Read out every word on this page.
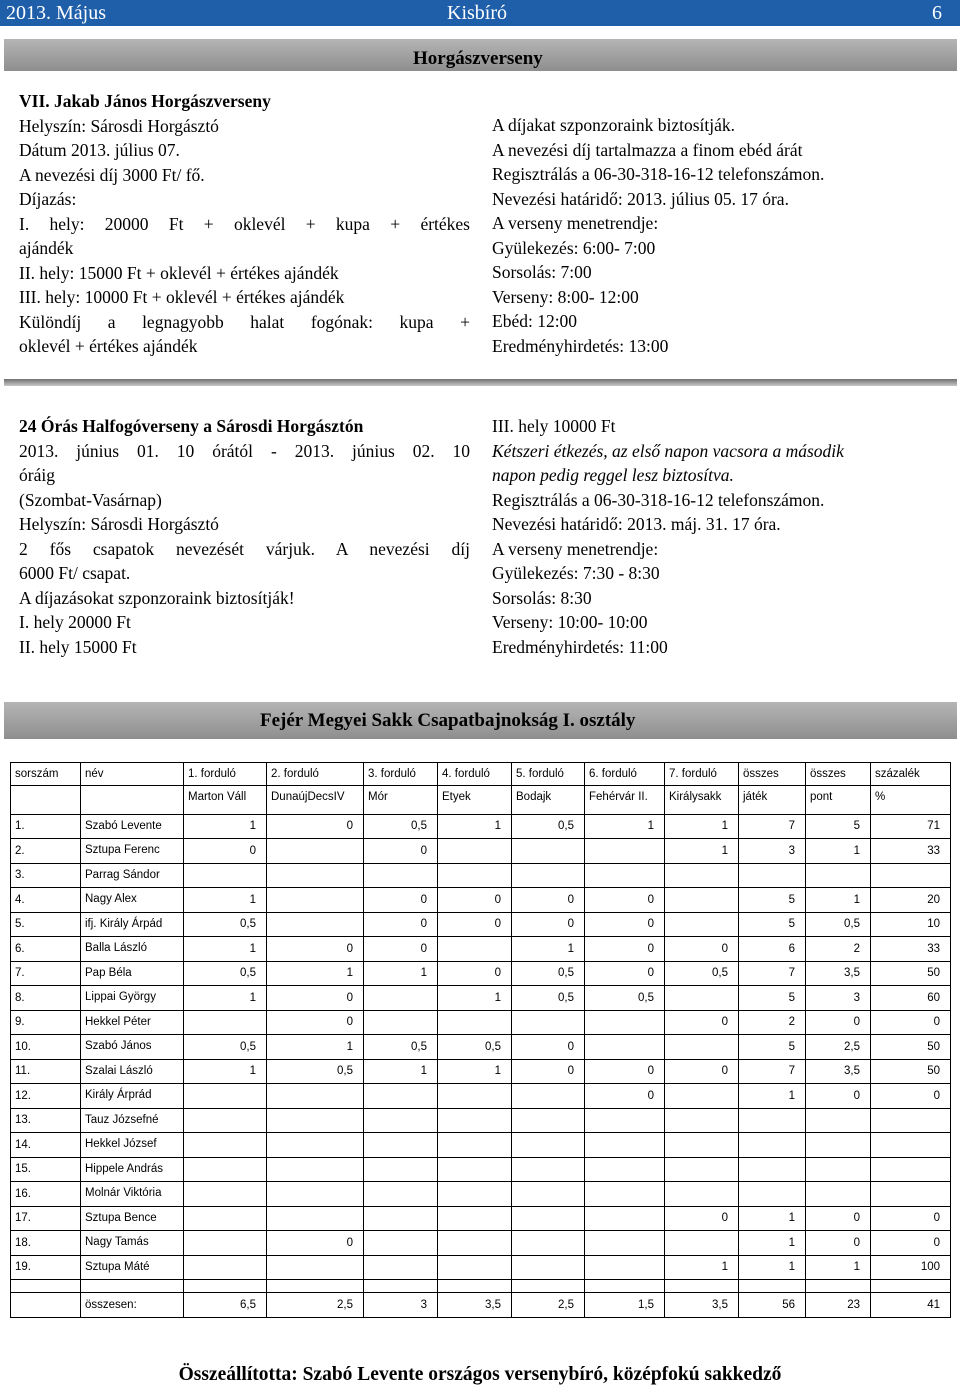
2013. Május	Kisbíró	6
Horgászverseny
VII. Jakab János Horgászverseny
Helyszín: Sárosdi Horgásztó
Dátum 2013. július 07.
A nevezési díj 3000 Ft/ fő.
Díjazás:
I. hely: 20000 Ft + oklevél + kupa + értékes
ajándék
II. hely: 15000 Ft + oklevél + értékes ajándék
III. hely: 10000 Ft + oklevél + értékes ajándék
Különdíj a legnagyobb halat fogónak: kupa +
oklevél + értékes ajándék
A díjakat szponzoraink biztosítják.
A nevezési díj tartalmazza a finom ebéd árát
Regisztrálás a 06-30-318-16-12 telefonszámon.
Nevezési határidő: 2013. július 05. 17 óra.
A verseny menetrendje:
Gyülekezés: 6:00- 7:00
Sorsolás: 7:00
Verseny: 8:00- 12:00
Ebéd: 12:00
Eredményhirdetés: 13:00
24 Órás Halfogóverseny a Sárosdi Horgásztón
2013. június 01. 10 órától - 2013. június 02. 10
óráig
(Szombat-Vasárnap)
Helyszín: Sárosdi Horgásztó
2 fős csapatok nevezését várjuk. A nevezési díj
6000 Ft/ csapat.
A díjazásokat szponzoraink biztosítják!
I. hely 20000 Ft
II. hely 15000 Ft
III. hely 10000 Ft
Kétszeri étkezés, az első napon vacsora a második
napon pedig reggel lesz biztosítva.
Regisztrálás a 06-30-318-16-12 telefonszámon.
Nevezési határidő: 2013. máj. 31. 17 óra.
A verseny menetrendje:
Gyülekezés: 7:30 - 8:30
Sorsolás: 8:30
Verseny: 10:00- 10:00
Eredményhirdetés: 11:00
Fejér Megyei Sakk Csapatbajnokság I. osztály
sorszám	név	1. forduló	2. forduló	3. forduló	4. forduló	5. forduló	6. forduló	7. forduló	összes	összes	százalék
		Marton Váll	DunaújDecsIV	Mór	Etyek	Bodajk	Fehérvár II.	Királysakk	játék	pont	%
1.	Szabó Levente	1	0	0,5	1	0,5	1	1	7	5	71
2.	Sztupa Ferenc	0		0				1	3	1	33
3.	Parrag Sándor										
4.	Nagy Alex	1		0	0	0	0		5	1	20
5.	ifj. Király Árpád	0,5		0	0	0	0		5	0,5	10
6.	Balla László	1	0	0		1	0	0	6	2	33
7.	Pap Béla	0,5	1	1	0	0,5	0	0,5	7	3,5	50
8.	Lippai György	1	0		1	0,5	0,5		5	3	60
9.	Hekkel Péter		0					0	2	0	0
10.	Szabó János	0,5	1	0,5	0,5	0			5	2,5	50
11.	Szalai László	1	0,5	1	1	0	0	0	7	3,5	50
12.	Király Árprád						0		1	0	0
13.	Tauz Józsefné										
14.	Hekkel József										
15.	Hippele András										
16.	Molnár Viktória										
17.	Sztupa Bence							0	1	0	0
18.	Nagy Tamás		0						1	0	0
19.	Sztupa Máté							1	1	1	100

	összesen:	6,5	2,5	3	3,5	2,5	1,5	3,5	56	23	41
Összeállította: Szabó Levente országos versenybíró, középfokú sakkedző
